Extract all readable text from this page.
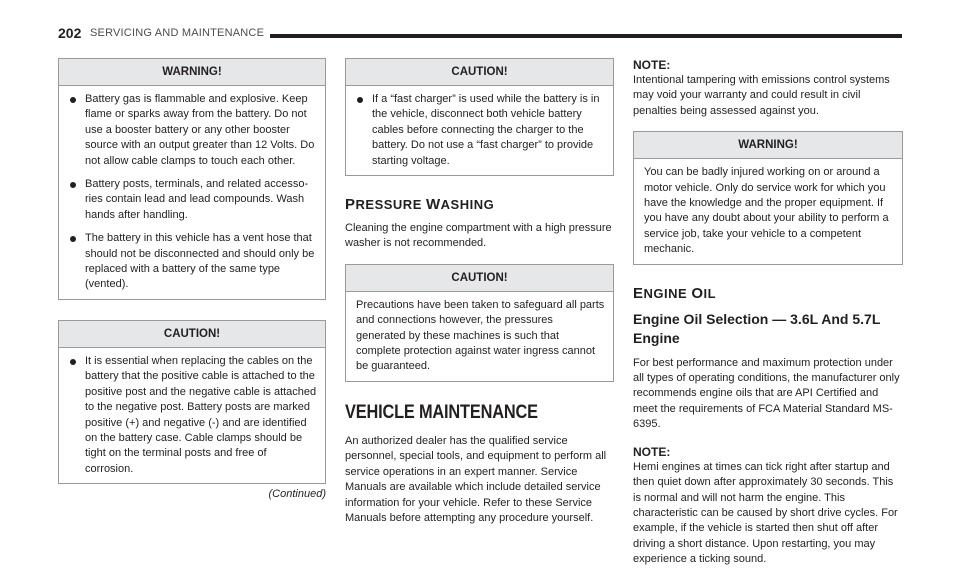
202 SERVICING AND MAINTENANCE
WARNING!
Battery gas is flammable and explosive. Keep flame or sparks away from the battery. Do not use a booster battery or any other booster source with an output greater than 12 Volts. Do not allow cable clamps to touch each other.
Battery posts, terminals, and related accesso- ries contain lead and lead compounds. Wash hands after handling.
The battery in this vehicle has a vent hose that should not be disconnected and should only be replaced with a battery of the same type (vented).
CAUTION!
It is essential when replacing the cables on the battery that the positive cable is attached to the positive post and the negative cable is attached to the negative post. Battery posts are marked positive (+) and negative (-) and are identified on the battery case. Cable clamps should be tight on the terminal posts and free of corrosion.
(Continued)
CAUTION!
If a “fast charger” is used while the battery is in the vehicle, disconnect both vehicle battery cables before connecting the charger to the battery. Do not use a “fast charger” to provide starting voltage.
PRESSURE WASHING

Cleaning the engine compartment with a high pressure washer is not recommended.

CAUTION!

Precautions have been taken to safeguard all parts and connections however, the pressures generated by these machines is such that complete protection against water ingress cannot be guaranteed.

VEHICLE MAINTENANCE

An authorized dealer has the qualified service personnel, special tools, and equipment to perform all service operations in an expert manner. Service Manuals are available which include detailed service information for your vehicle. Refer to these Service Manuals before attempting any procedure yourself.

NOTE:

Intentional tampering with emissions control systems may void your warranty and could result in civil penalties being assessed against you.

WARNING!

You can be badly injured working on or around a motor vehicle. Only do service work for which you have the knowledge and the proper equipment. If you have any doubt about your ability to perform a service job, take your vehicle to a competent mechanic.

ENGINE OIL
Engine Oil Selection — 3.6L And 5.7L Engine

For best performance and maximum protection under all types of operating conditions, the manufacturer only recommends engine oils that are API Certified and meet the requirements of FCA Material Standard MS-6395.

NOTE:

Hemi engines at times can tick right after startup and then quiet down after approximately 30 seconds. This is normal and will not harm the engine. This characteristic can be caused by short drive cycles. For example, if the vehicle is started then shut off after driving a short distance. Upon restarting, you may experience a ticking sound.
